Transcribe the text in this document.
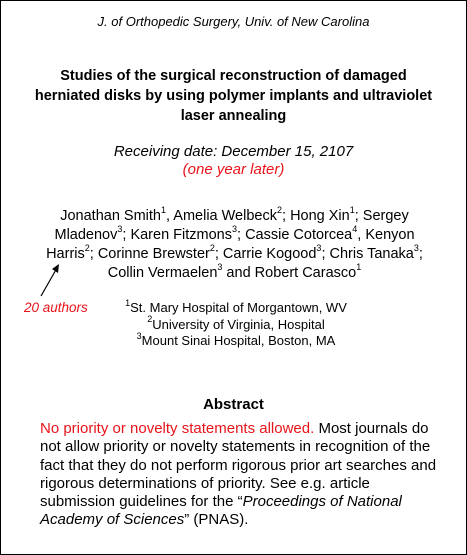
J. of Orthopedic Surgery, Univ. of New Carolina
Studies of the surgical reconstruction of damaged herniated disks by using polymer implants and ultraviolet laser annealing
Receiving date: December 15, 2107
(one year later)
Jonathan Smith$^1$, Amelia Welbeck$^2$; Hong Xin$^1$; Sergey Mladenov$^3$; Karen Fitzmons$^3$; Cassie Cotorcea$^4$, Kenyon Harris$^2$; Corinne Brewster$^2$; Carrie Kogood$^3$; Chris Tanaka$^3$; Collin Vermaelen$^3$ and Robert Carasco$^1$
20 authors	$^1$St. Mary Hospital of Morgantown, WV
$^2$University of Virginia, Hospital
$^3$Mount Sinai Hospital, Boston, MA
Abstract
No priority or novelty statements allowed. Most journals do not allow priority or novelty statements in recognition of the fact that they do not perform rigorous prior art searches and rigorous determinations of priority. See e.g. article submission guidelines for the “Proceedings of National Academy of Sciences” (PNAS).
